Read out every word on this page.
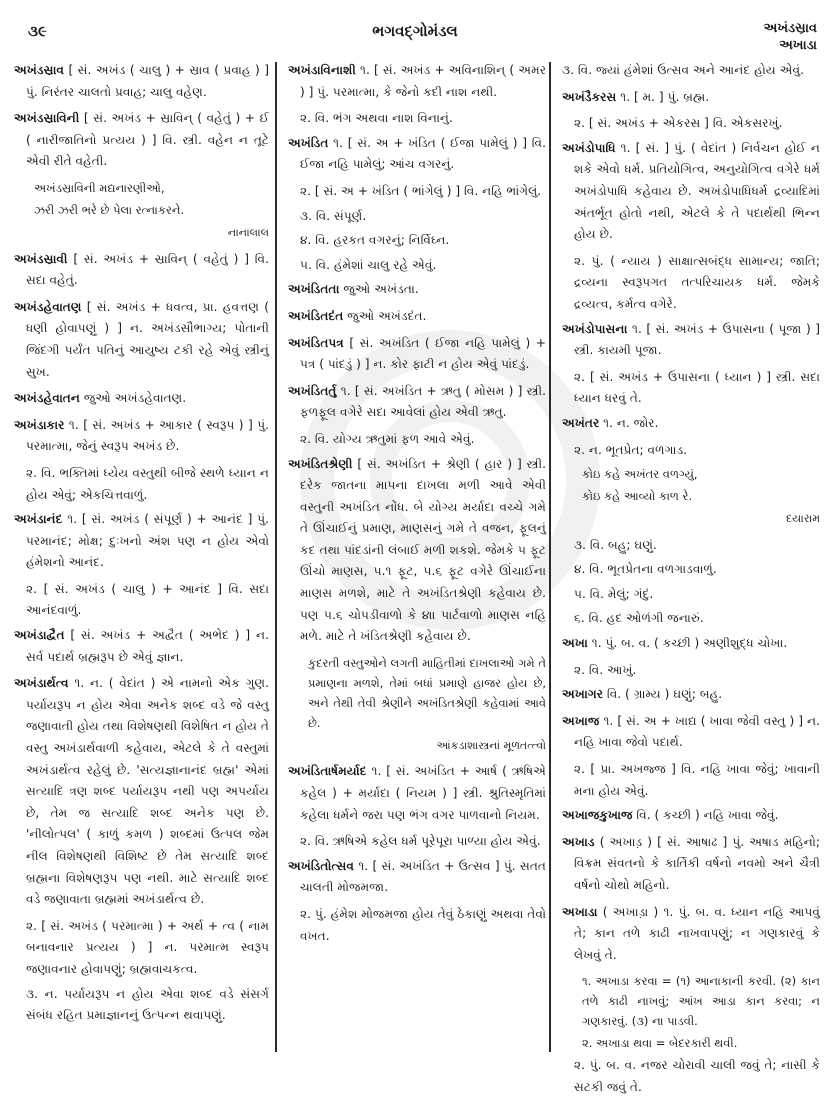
૩૯	ભગવદ્ગોમંડલ	અખંડસ્રાવ
અખાડા
અખંડસ્રાવ [ સં. અખંડ ( ચાલુ ) + સ્રાવ ( પ્રવાહ ) ] પું. નિરંતર ચાલતો પ્રવાહ; ચાલુ વહેણ.
અખંડસ્રાવિની [ સં. અખંડ + સ્રાવિન્ ( વહેતું ) + ઈ ( નારીજાતિનો પ્રત્યય ) ] વિ. સ્ત્રી. વહેન ન તૂટે એવી રીતે વહેતી.
અખંડસ્રાવિની મદ્યનારણીઓ,
ઝરી ઝરી ભરે છે પેલા રત્નાકરને.
નાનાલાલ
અખંડસ્રાવી [ સં. અખંડ + સ્રાવિન્ ( વહેતું ) ] વિ. સદા વહેતું.
અખંડહેવાતણ [ સં. અખંડ + ધવત્વ, પ્રા. હવત્તણ ( ધણી હોવાપણું ) ] ન. અખંડસૌભાગ્ય; પોતાની જિંદગી પર્યંત પતિનું આયુષ્ય ટકી રહે એવું સ્ત્રીનું સુખ.
અખંડહેવાતન જુઓ અખંડહેવાતણ.
અખંડાકાર ૧. [ સં. અખંડ + આકાર ( સ્વરૂપ ) ] પું. પરમાત્મા, જેનું સ્વરૂપ અખંડ છે.
૨. વિ. ભક્તિમાં ધ્યેય વસ્તુથી બીજે સ્થળે ધ્યાન ન હોય એવું; એકચિત્તવાળું.
અખંડાનંદ ૧. [ સં. અખંડ ( સંપૂર્ણ ) + આનંદ ] પું. પરમાનંદ; મોક્ષ; દુઃખનો અંશ પણ ન હોય એવો હંમેશનો આનંદ.
૨. [ સં. અખંડ ( ચાલુ ) + આનંદ ] વિ. સદા આનંદવાળું.
અખંડાદ્વૈત [ સં. અખંડ + અદ્વૈત ( અભેદ ) ] ન. સર્વ પદાર્થ બ્રહ્મરૂપ છે એવું જ્ઞાન.
અખંડાર્થત્વ ૧. ન. ( વેદાંત ) એ નામનો એક ગુણ. પર્યાયરૂપ ન હોય એવા અનેક શબ્દ વડે જે વસ્તુ જણાવાતી હોય તથા વિશેષણથી વિશેષિત ન હોય તે વસ્તુ અખંડાર્થવાળી કહેવાય, એટલે કે તે વસ્તુમાં અખંડાર્થત્વ રહેલું છે. 'સત્યજ્ઞાનાનંદ બ્રહ્મ' એમાં સત્યાદિ ત્રણ શબ્દ પર્યાયરૂપ નથી પણ અપર્યાય છે, તેમ જ સત્યાદિ શબ્દ અનેક પણ છે. 'નીલોત્પલ' ( કાળું કમળ ) શબ્દમાં ઉત્પલ જેમ નીલ વિશેષણથી વિશિષ્ટ છે તેમ સત્યાદિ શબ્દ બ્રહ્મના વિશેષણરૂપ પણ નથી. માટે સત્યાદિ શબ્દ વડે જણાવાતા બ્રહ્મમાં અખંડાર્થત્વ છે.
૨. [ સં. અખંડ ( પરમાત્મા ) + અર્થ + ત્વ ( નામ બનાવનાર પ્રત્યય ) ] ન. પરમાત્મ સ્વરૂપ જણાવનાર હોવાપણું; બ્રહ્મવાચકત્વ.
૩. ન. પર્યાયરૂપ ન હોય એવા શબ્દ વડે સંસર્ગ સંબંધ રહિત પ્રમાજ્ઞાનનું ઉત્પન્ન થવાપણું.
અખંડાવિનાશી ૧. [ સં. અખંડ + અવિનાશિન્ ( અમર ) ] પું. પરમાત્મા, કે જેનો કદી નાશ નથી.
૨. વિ. ભંગ અથવા નાશ વિનાનું.
અખંડિત ૧. [ સં. અ + ખંડિત ( ઈજા પામેલું ) ] વિ. ઈજા નહિ પામેલું; આંચ વગરનું.
૨. [ સં. અ + ખંડિત ( ભાંગેલું ) ] વિ. નહિ ભાંગેલું.
૩. વિ. સંપૂર્ણ.
૪. વિ. હરકત વગરનું; નિર્વિઘ્ન.
૫. વિ. હંમેશાં ચાલુ રહે એવું.
અખંડિતતા જુઓ અખંડતા.
અખંડિતદંત જુઓ અખંડદંત.
અખંડિતપત્ર [ સં. અખંડિત ( ઈજા નહિ પામેલું ) + પત્ર ( પાંદડું ) ] ન. કોર ફાટી ન હોય એવું પાંદડું.
અખંડિતર્તુ ૧. [ સં. અખંડિત + ઋતુ ( મોસમ ) ] સ્ત્રી. ફળફૂલ વગેરે સદા આવેલાં હોય એવી ઋતુ.
૨. વિ. યોગ્ય ઋતુમાં ફળ આવે એવું.
અખંડિતશ્રેણી [ સં. અખંડિત + શ્રેણી ( હાર ) ] સ્ત્રી. દરેક જાતના માપના દાખલા મળી આવે એવી વસ્તુની અખંડિત નોંધ. બે યોગ્ય મર્યાદા વચ્ચે ગમે તે ઊંચાઈનું પ્રમાણ, માણસનું ગમે તે વજન, ફૂલનું કદ તથા પાંદડાંની લંબાઈ મળી શકશે. જેમકે ૫ ફૂટ ઊંચો માણસ, ૫.૧ ફૂટ, ૫.૬ ફૂટ વગેરે ઊંચાઈના માણસ મળશે, માટે તે અખંડિતશ્રેણી કહેવાય છે. પણ ૫.૬ ચોપડીવાળો કે ૪॥ પાર્ટવાળો માણસ નહિ મળે. માટે તે ખંડિતશ્રેણી કહેવાય છે.
કુદરતી વસ્તુઓને લગતી માહિતીમાં દાખલાઓ ગમે તે પ્રમાણના મળશે, તેમાં બધાં પ્રમાણે હાજર હોય છે, અને તેથી તેવી શ્રેણીને અખંડિતશ્રેણી કહેવામાં આવે છે.
આંકડાશાસ્ત્રનાં મૂળતત્ત્વો
અખંડિતાર્ષમર્યાદ ૧. [ સં. અખંડિત + આર્ષ ( ઋષિએ કહેલ ) + મર્યાદા ( નિયમ ) ] સ્ત્રી. શ્રુતિસ્મૃતિમાં કહેલા ધર્મને જરા પણ ભંગ વગર પાળવાનો નિયમ.
૨. વિ. ઋષિએ કહેલ ધર્મ પૂરેપૂરા પાળ્યા હોય એવું.
અખંડિતોત્સવ ૧. [ સં. અખંડિત + ઉત્સવ ] પું. સતત ચાલતી મોજમજા.
૨. પું. હંમેશ મોજમજા હોય તેવું ઠેકાણું અથવા તેવો વખત.
૩. વિ. જ્યાં હંમેશાં ઉત્સવ અને આનંદ હોય એવું.
અખંડૈકરસ ૧. [ મ. ] પું. બ્રહ્મ.
૨. [ સં. અખંડ + એકરસ ] વિ. એકસરખું.
અખંડોપાધિ ૧. [ સં. ] પું. ( વેદાંત ) નિર્વચન હોઈ ન શકે એવો ધર્મ. પ્રતિયોગિત્વ, અનુયોગિત્વ વગેરે ધર્મ અખંડોપાધિ કહેવાય છે. અખંડોપાધિધર્મ દ્રવ્યાદિમાં અંતર્ભૂત હોતો નથી, એટલે કે તે પદાર્થથી ભિન્ન હોય છે.
૨. પું. ( ન્યાય ) સાક્ષાત્સબંદ્ધ સામાન્ય; જાતિ; દ્રવ્યના સ્વરૂપગત તત્પરિચાયક ધર્મ. જેમકે દ્રવ્યત્વ, કર્મત્વ વગેરે.
અખંડોપાસના ૧. [ સં. અખંડ + ઉપાસના ( પૂજા ) ] સ્ત્રી. કાયમી પૂજા.
૨. [ સં. અખંડ + ઉપાસના ( ધ્યાન ) ] સ્ત્રી. સદા ધ્યાન ધરવું તે.
અખંતર ૧. ન. જોર.
૨. ન. ભૂતપ્રેત; વળગાડ.
કોઇ કહે અખંતર વળગ્યું,
કોઇ કહે આવ્યો કાળ રે.
દયારામ
૩. વિ. બહુ; ઘણું.
૪. વિ. ભૂતપ્રેતના વળગાડવાળું.
૫. વિ. મેલું; ગંદું.
૬. વિ. હદ ઓળંગી જનારું.
અખા ૧. પું. બ. વ. ( કચ્છી ) અણીશુદ્ધ ચોખા.
૨. વિ. આખું.
અખાગર વિ. ( ગ્રામ્ય ) ઘણું; બહુ.
અખાજ ૧. [ સં. અ + ખાદ્ય ( ખાવા જેવી વસ્તુ ) ] ન. નહિ ખાવા જેવો પદાર્થ.
૨. [ પ્રા. અખજ્જ ] વિ. નહિ ખાવા જેવું; ખાવાની મના હોય એવું.
અખાજકુખાજ વિ. ( કચ્છી ) નહિ ખાવા જેવું.
અખાડ ( અખાડ઼ ) [ સં. આષાઢ ] પું. અષાડ મહિનો; વિક્રમ સંવતનો કે કાર્તિકી વર્ષનો નવમો અને ચૈત્રી વર્ષનો ચોથો મહિનો.
અખાડા ( અખાડ઼ા ) ૧. પું. બ. વ. ધ્યાન નહિ આપવું તે; કાન તળે કાઢી નાખવાપણું; ન ગણકારવું કે લેખવું તે.
૧. અખાડા કરવા = (૧) આનાકાની કરવી. (૨) કાન તળે કાઢી નાખવું; આંખ આડા કાન કરવા; ન ગણકારવું. (૩) ના પાડવી.
૨. અખાડા થવા = બેદરકારી થવી.
૨. પું. બ. વ. નજર ચોરાવી ચાલી જવું તે; નાસી કે સટકી જવું તે.
